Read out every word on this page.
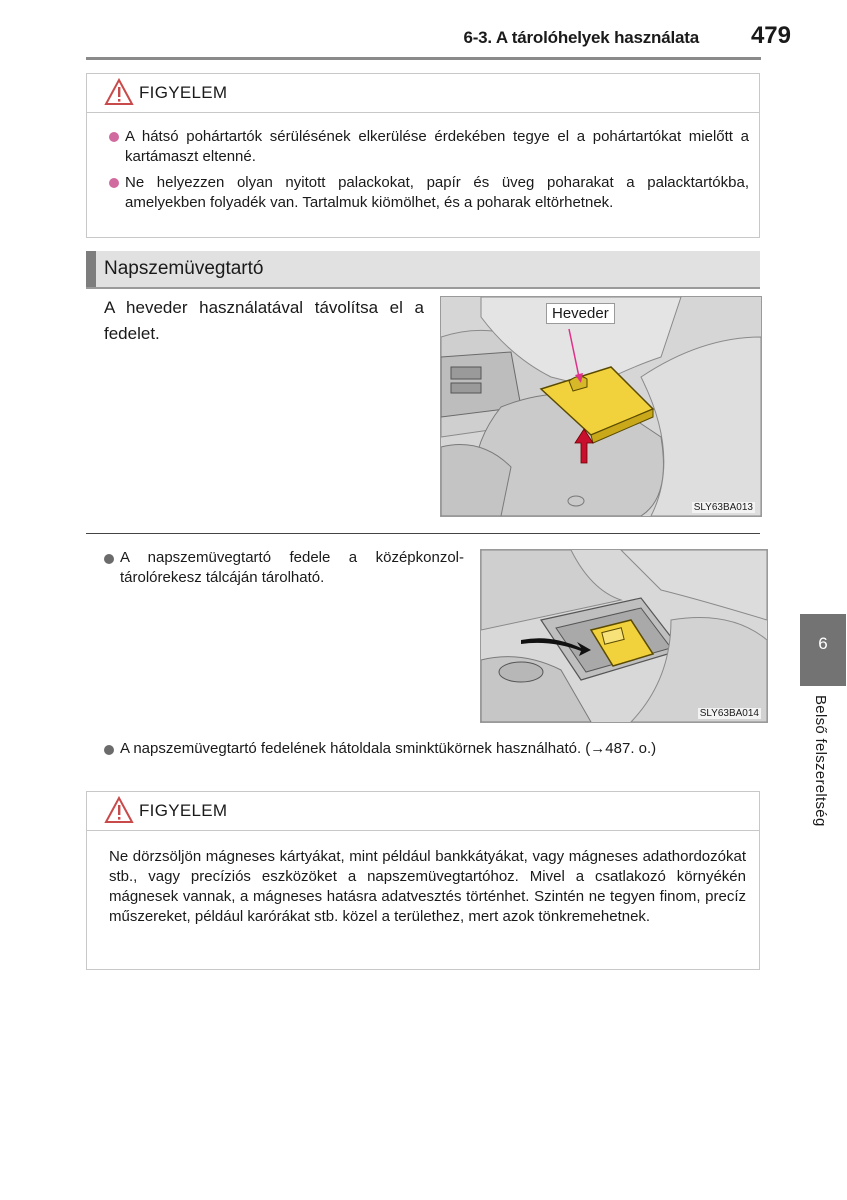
6-3. A tárolóhelyek használata 479
FIGYELEM
A hátsó pohártartók sérülésének elkerülése érdekében tegye el a pohártartókat mielőtt a kartámaszt eltenné.
Ne helyezzen olyan nyitott palackokat, papír és üveg poharakat a palacktartókba, amelyekben folyadék van. Tartalmuk kiömölhet, és a poharak eltörhetnek.
Napszemüvegtartó
A heveder használatával távolítsa el a fedelet.
Heveder
SLY63BA013
A napszemüvegtartó fedele a középkonzol-tárolórekesz tálcáján tárolható.
SLY63BA014
A napszemüvegtartó fedelének hátoldala sminktükörnek használható. (→487. o.)
FIGYELEM
Ne dörzsöljön mágneses kártyákat, mint például bankkátyákat, vagy mágneses adathordozókat stb., vagy precíziós eszközöket a napszemüvegtartóhoz. Mivel a csatlakozó környékén mágnesek vannak, a mágneses hatásra adatvesztés történhet. Szintén ne tegyen finom, precíz műszereket, például karórákat stb. közel a területhez, mert azok tönkremehetnek.
6
Belső felszereltség
